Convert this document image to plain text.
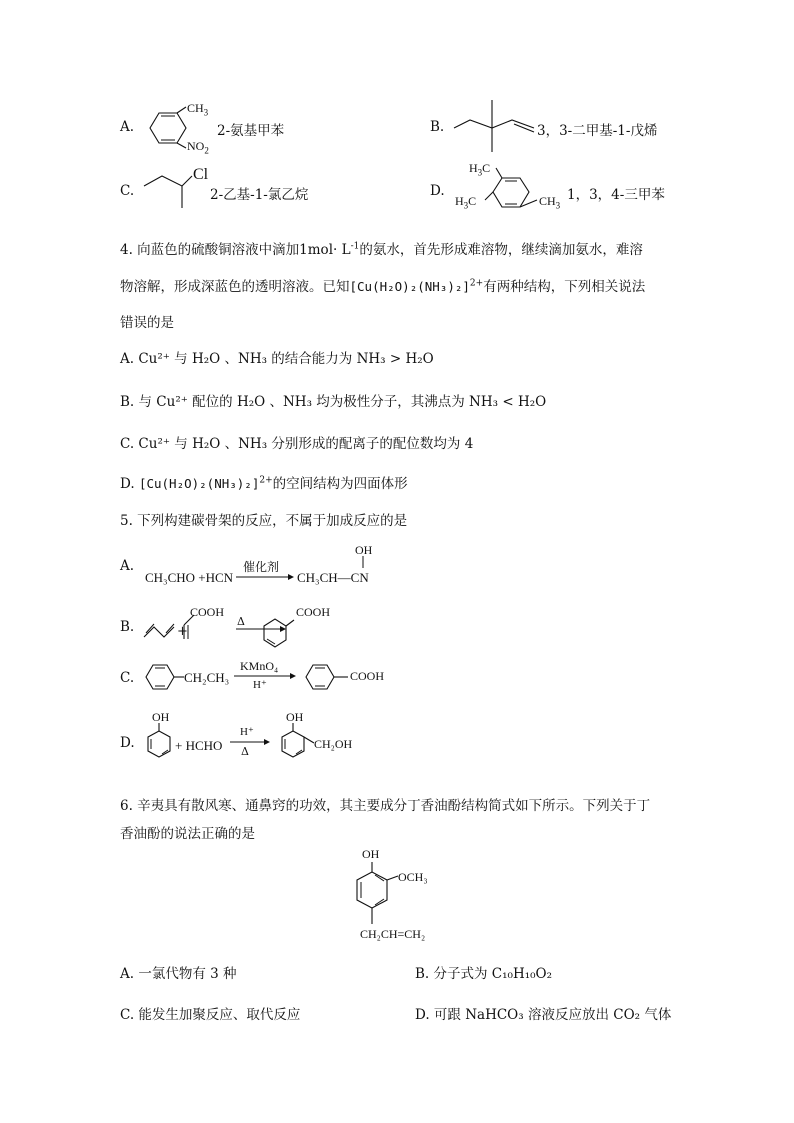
A.
$CH_3$
$NO_2$
2-氨基甲苯	B.	3，3-二甲基-1-戊烯
C.
Cl
2-乙基-1-氯乙烷	D.
$H_3C$
$H_3C$	$CH_3$
1，3，4-三甲苯
4. 向蓝色的硫酸铜溶液中滴加$1mol\cdot L^{-1}$的氨水，首先形成难溶物，继续滴加氨水，难溶
物溶解，形成深蓝色的透明溶液。已知$[Cu(H_2O)_2(NH_3)_2]^{2+}$有两种结构，下列相关说法
错误的是
A. Cu²⁺ 与 H₂O 、NH₃ 的结合能力为 NH₃ > H₂O
B. 与 Cu²⁺ 配位的 H₂O 、NH₃ 均为极性分子，其沸点为 NH₃ < H₂O
C. Cu²⁺ 与 H₂O 、NH₃ 分别形成的配离子的配位数均为 4
D. $[Cu(H_2O)_2(NH_3)_2]^{2+}$的空间结构为四面体形
5. 下列构建碳骨架的反应，不属于加成反应的是
A.
OH
CH₃CHO +HCN
催化剂
CH₃CH—CN
B.
COOH
+
Δ
COOH
C.	CH₂CH₃
KMnO₄
H⁺
COOH
D.
OH
+ HCHO
H⁺
Δ
OH
CH₂OH
6. 辛夷具有散风寒、通鼻窍的功效，其主要成分丁香油酚结构简式如下所示。下列关于丁
香油酚的说法正确的是
OH
OCH₃
CH₂CH=CH₂
A. 一氯代物有 3 种	B. 分子式为 C₁₀H₁₀O₂
C. 能发生加聚反应、取代反应	D. 可跟 NaHCO₃ 溶液反应放出 CO₂ 气体
